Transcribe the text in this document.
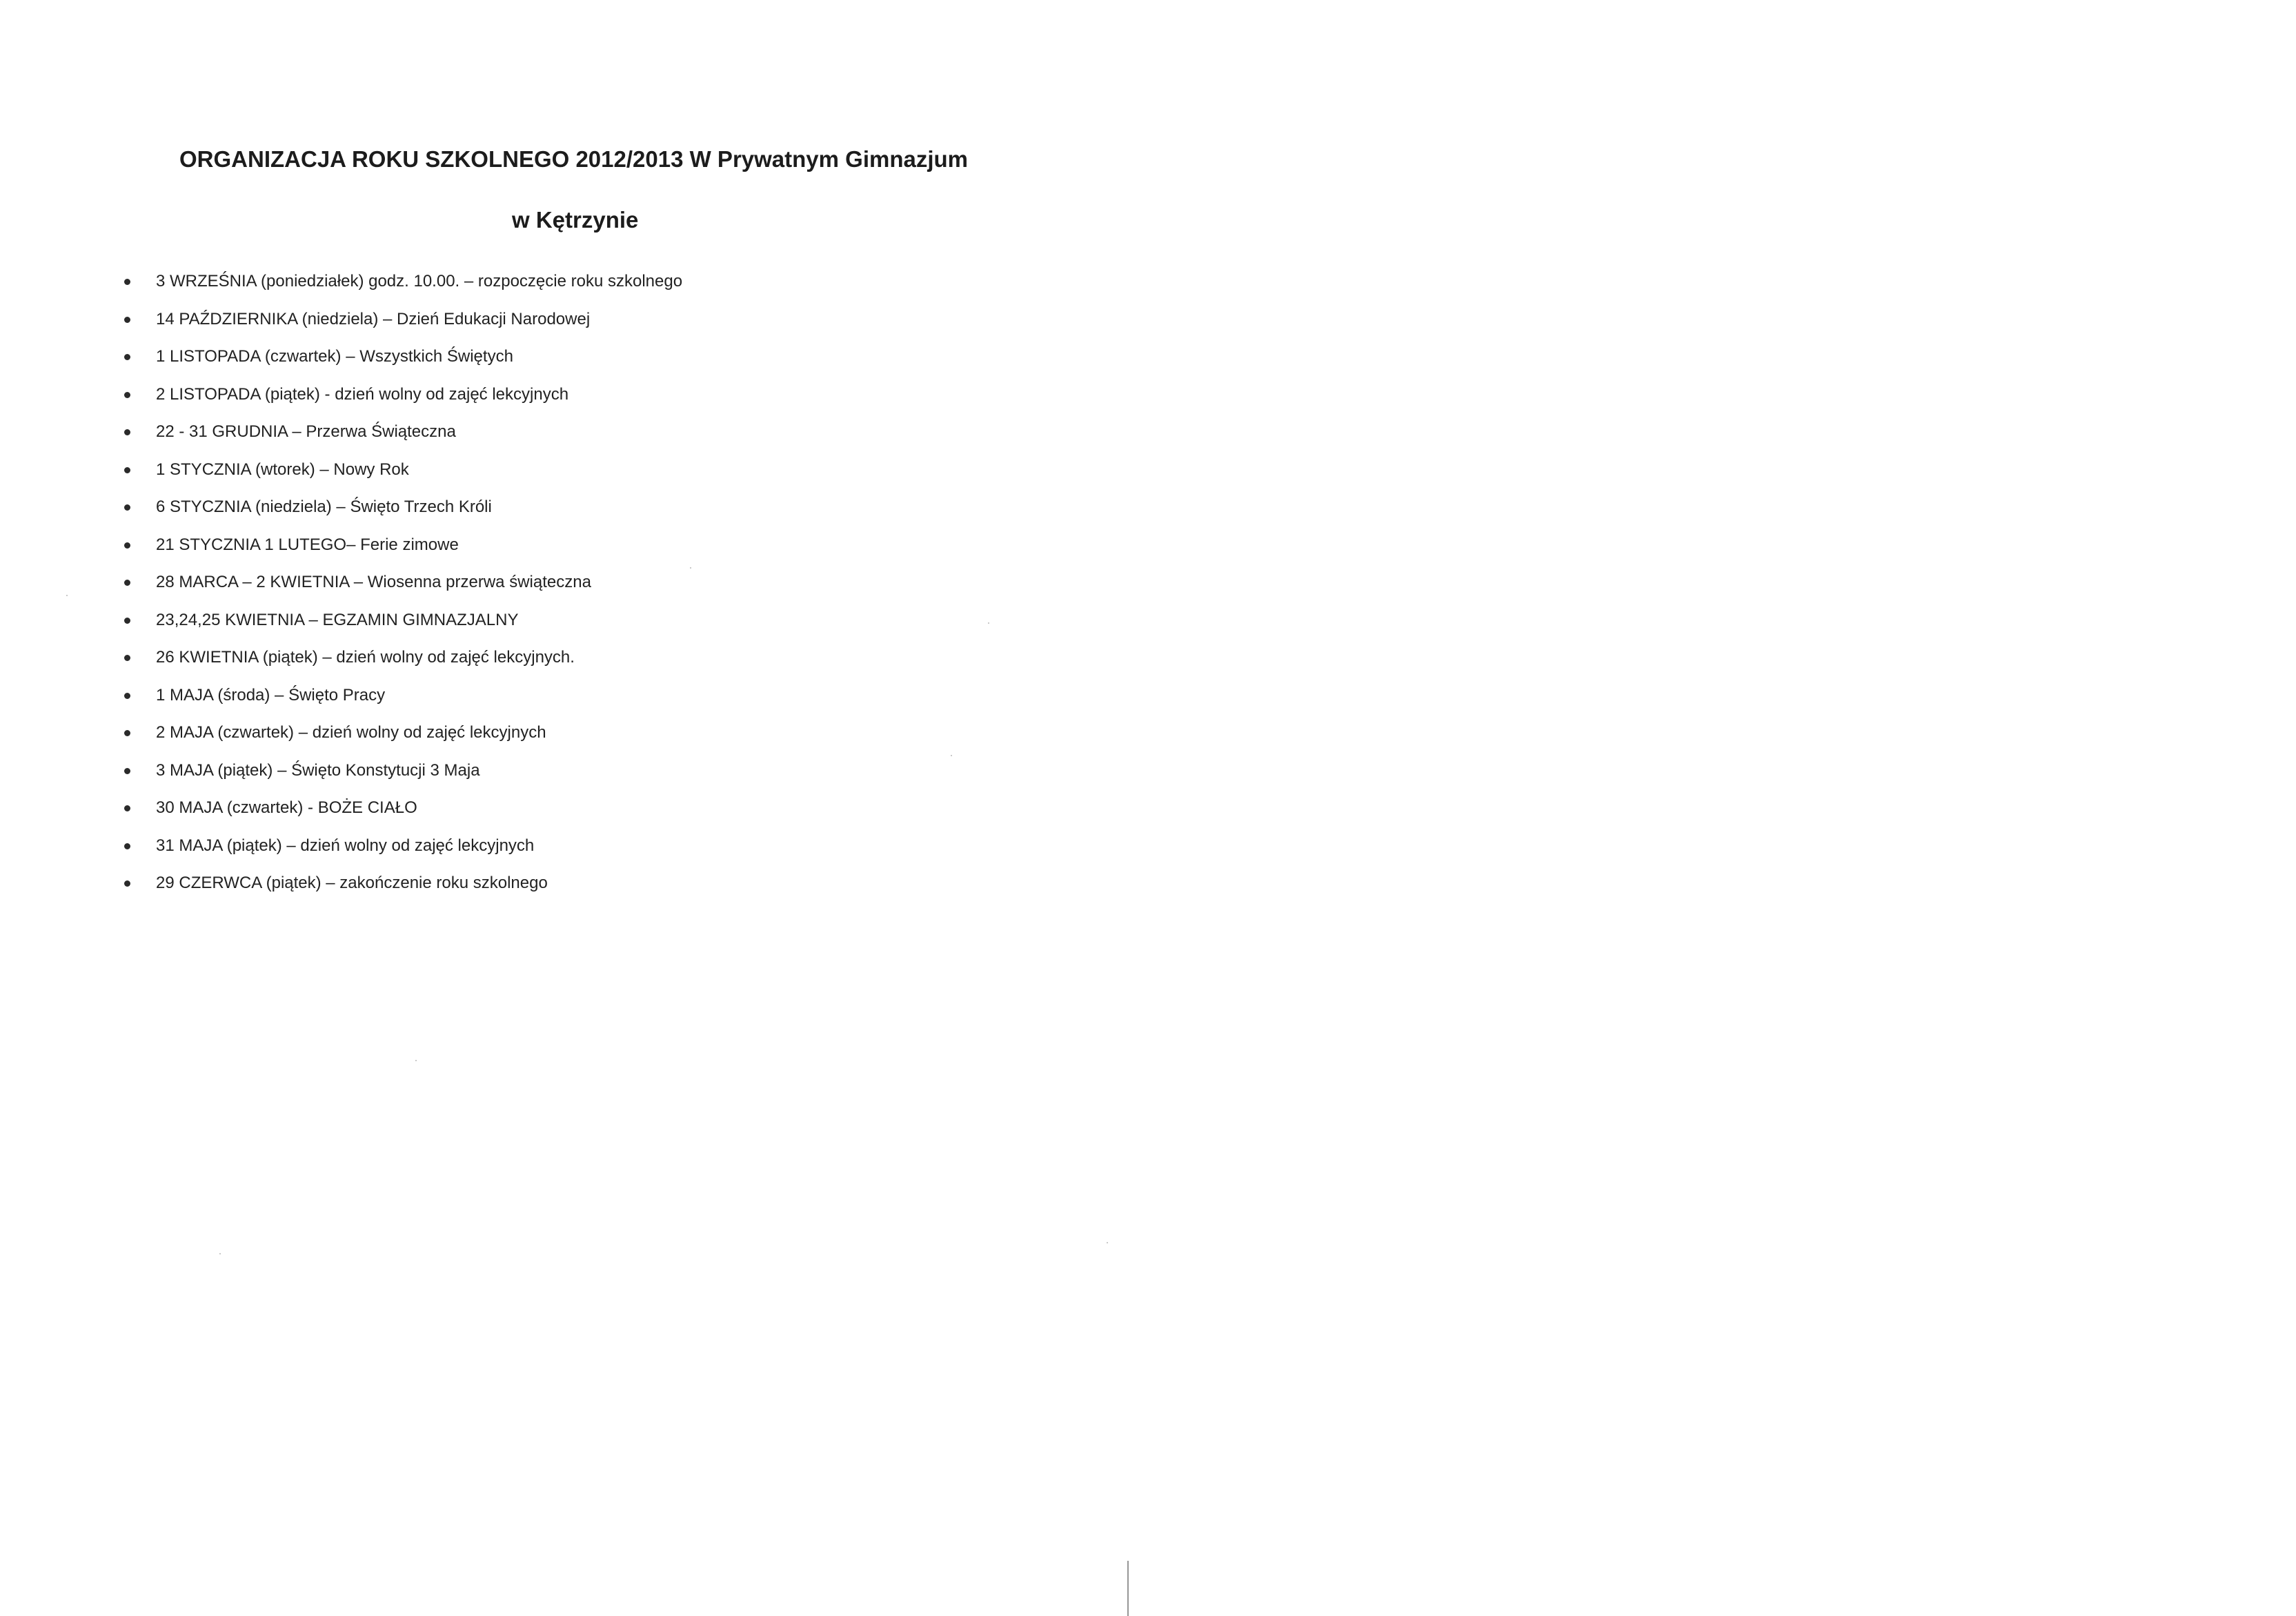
ORGANIZACJA ROKU SZKOLNEGO 2012/2013 W Prywatnym Gimnazjum
w Kętrzynie
3 WRZEŚNIA (poniedziałek) godz. 10.00. – rozpoczęcie roku szkolnego
14 PAŹDZIERNIKA (niedziela) – Dzień Edukacji Narodowej
1 LISTOPADA (czwartek) – Wszystkich Świętych
2 LISTOPADA (piątek) - dzień wolny od zajęć lekcyjnych
22 - 31 GRUDNIA – Przerwa Świąteczna
1 STYCZNIA (wtorek) – Nowy Rok
6 STYCZNIA (niedziela) – Święto Trzech Króli
21 STYCZNIA 1 LUTEGO– Ferie zimowe
28 MARCA – 2 KWIETNIA – Wiosenna przerwa świąteczna
23,24,25 KWIETNIA – EGZAMIN GIMNAZJALNY
26 KWIETNIA (piątek) – dzień wolny od zajęć lekcyjnych.
1 MAJA (środa) – Święto Pracy
2 MAJA (czwartek) – dzień wolny od zajęć lekcyjnych
3 MAJA (piątek) – Święto Konstytucji 3 Maja
30 MAJA (czwartek) - BOŻE CIAŁO
31 MAJA (piątek) – dzień wolny od zajęć lekcyjnych
29 CZERWCA (piątek) – zakończenie roku szkolnego
